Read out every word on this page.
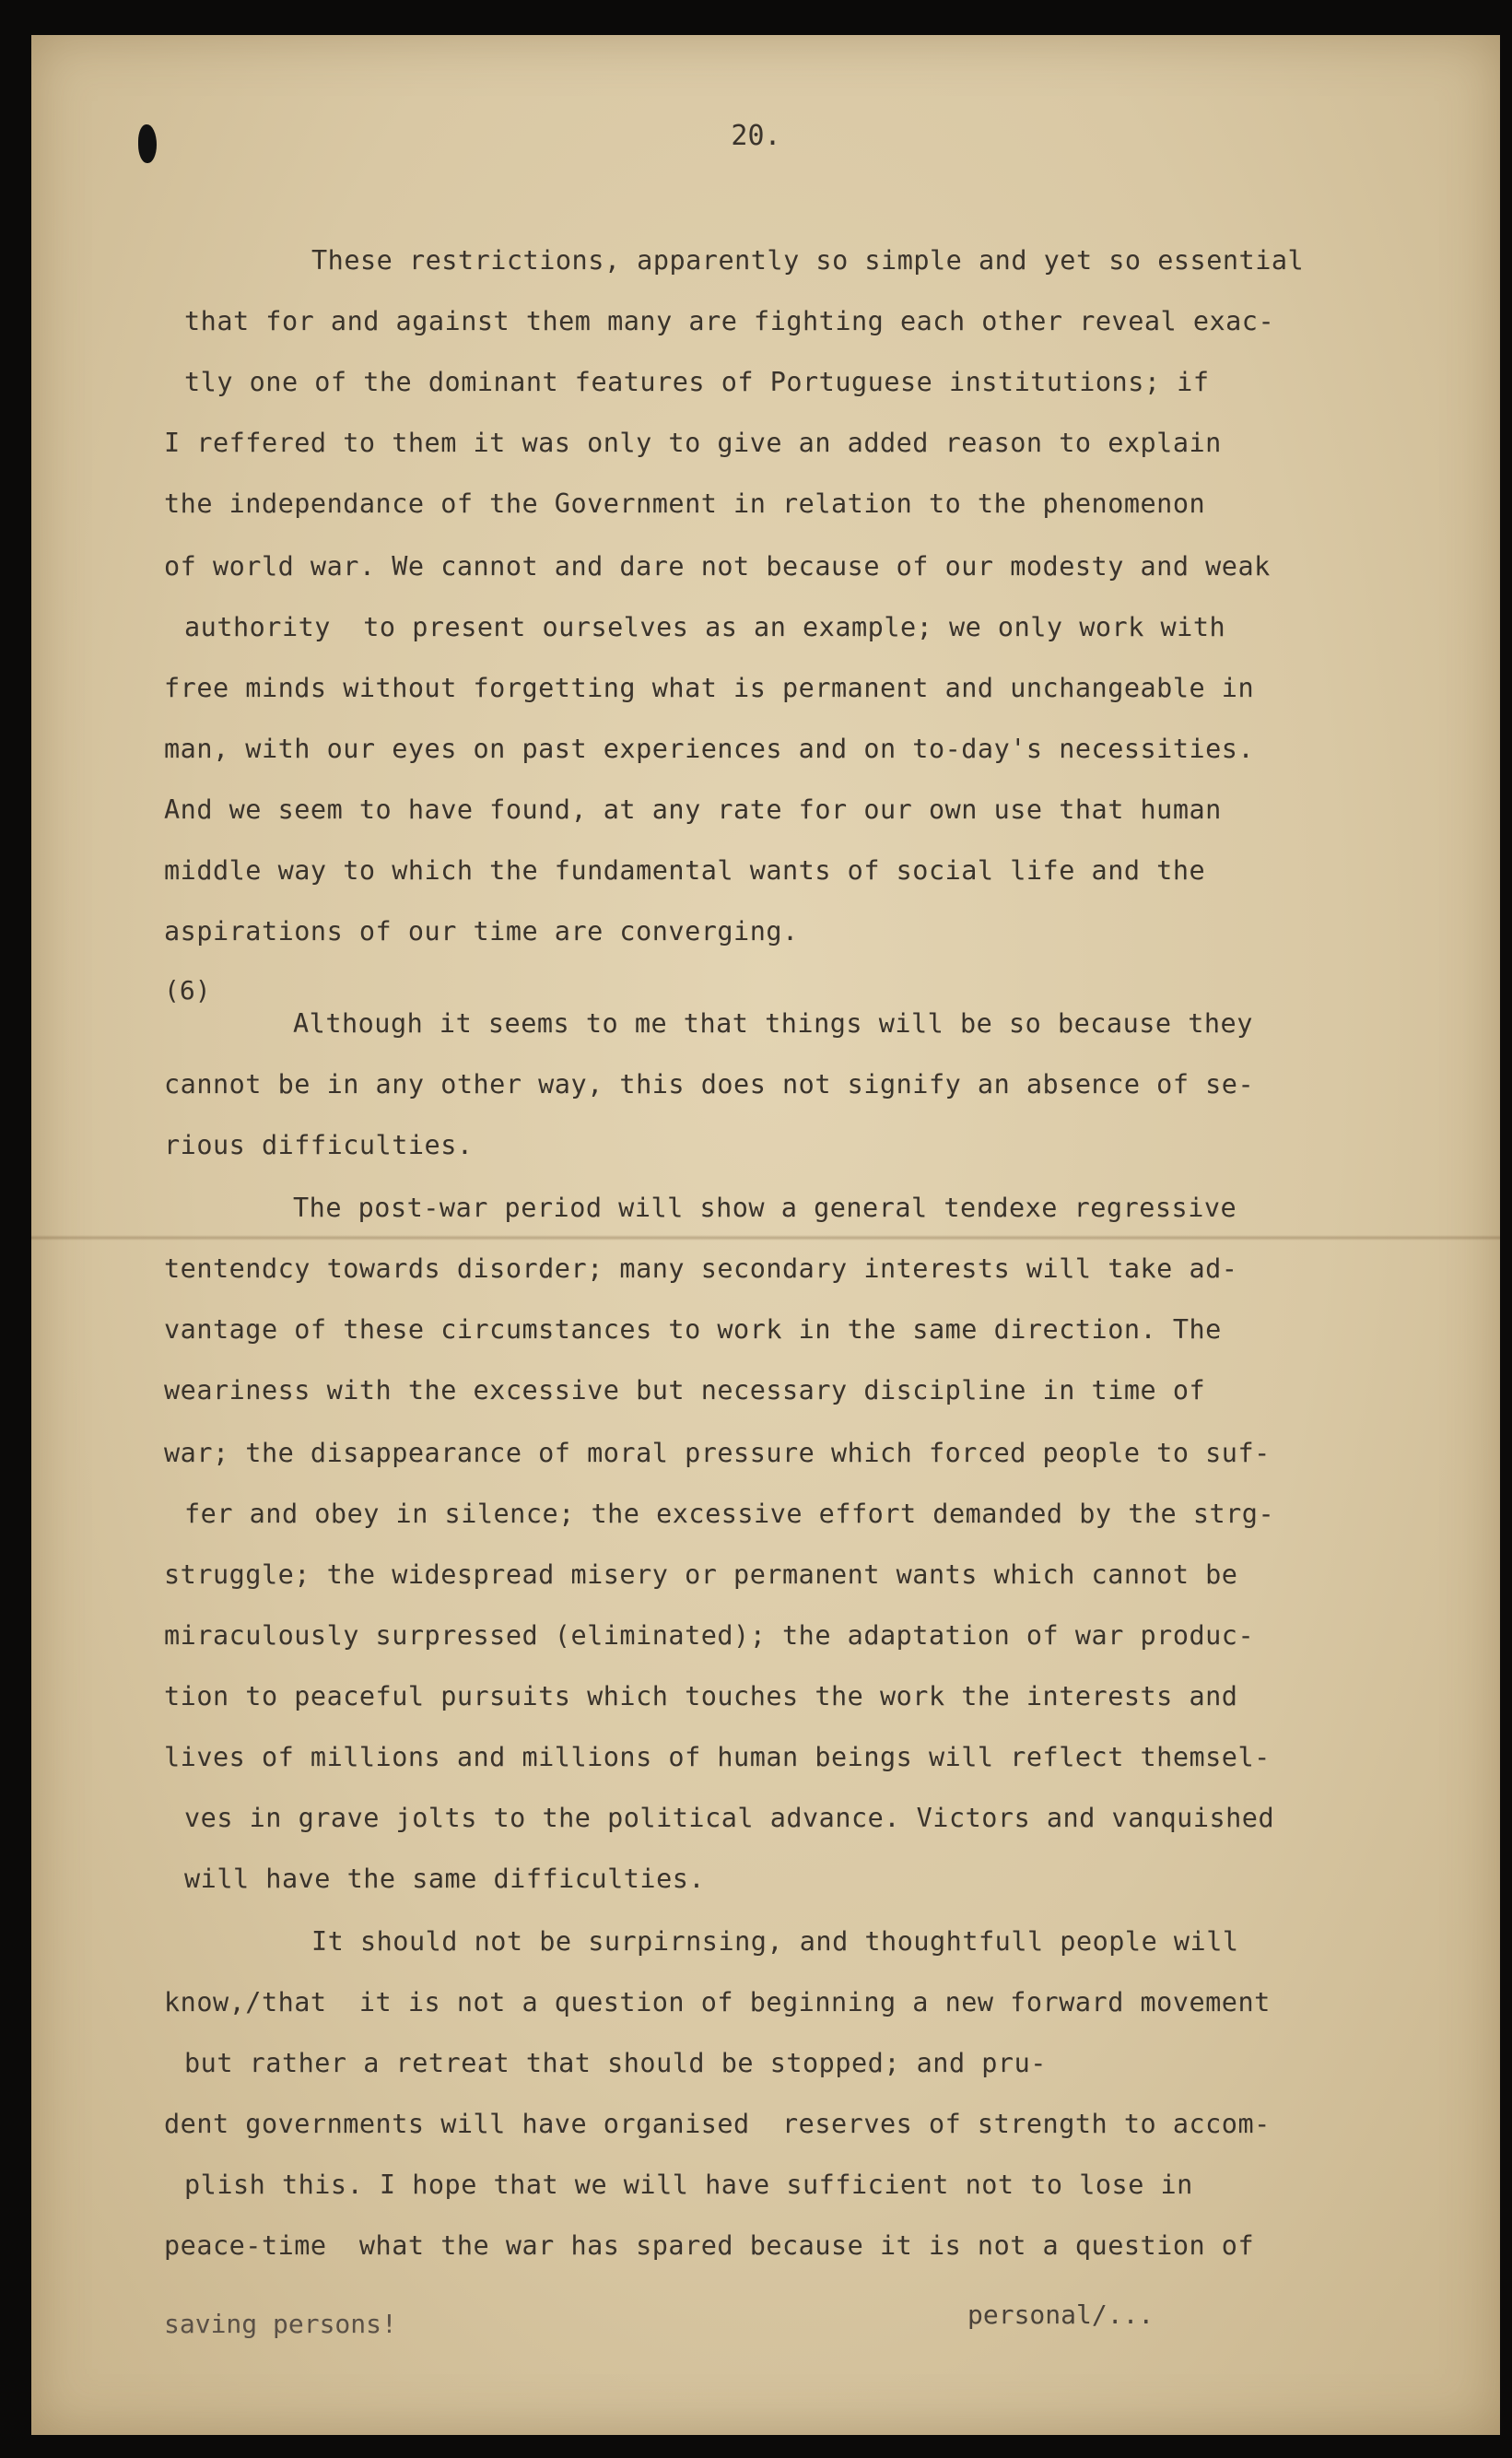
20.
These restrictions, apparently so simple and yet so essential
that for and against them many are fighting each other reveal exac-
tly one of the dominant features of Portuguese institutions; if
I reffered to them it was only to give an added reason to explain
the independance of the Government in relation to the phenomenon
of world war. We cannot and dare not because of our modesty and weak
authority  to present ourselves as an example; we only work with
free minds without forgetting what is permanent and unchangeable in
man, with our eyes on past experiences and on to-day's necessities.
And we seem to have found, at any rate for our own use that human
middle way to which the fundamental wants of social life and the
aspirations of our time are converging.
(6)
Although it seems to me that things will be so because they
cannot be in any other way, this does not signify an absence of se-
rious difficulties.
The post-war period will show a general tendexe regressive
tentendcy towards disorder; many secondary interests will take ad-
vantage of these circumstances to work in the same direction. The
weariness with the excessive but necessary discipline in time of
war; the disappearance of moral pressure which forced people to suf-
fer and obey in silence; the excessive effort demanded by the strg-
struggle; the widespread misery or permanent wants which cannot be
miraculously surpressed (eliminated); the adaptation of war produc-
tion to peaceful pursuits which touches the work the interests and
lives of millions and millions of human beings will reflect themsel-
ves in grave jolts to the political advance. Victors and vanquished
will have the same difficulties.
It should not be surpirnsing, and thoughtfull people will
know,/that  it is not a question of beginning a new forward movement
but rather a retreat that should be stopped; and pru-
dent governments will have organised  reserves of strength to accom-
plish this. I hope that we will have sufficient not to lose in
peace-time  what the war has spared because it is not a question of
saving persons!	personal/...
